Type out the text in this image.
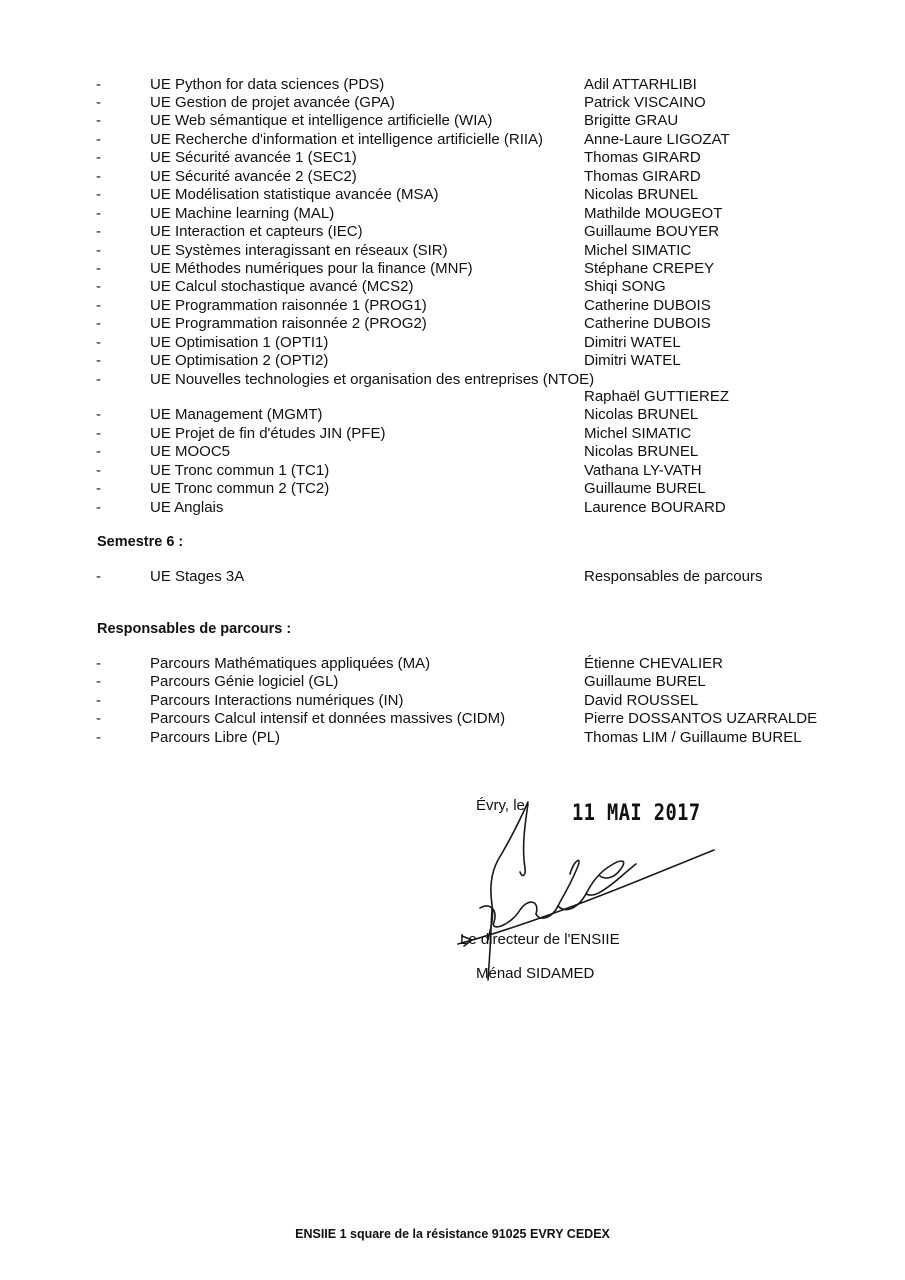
-	UE Python for data sciences (PDS)	Adil ATTARHLIBI
-	UE Gestion de projet avancée (GPA)	Patrick VISCAINO
-	UE Web sémantique et intelligence artificielle (WIA)	Brigitte GRAU
-	UE Recherche d'information et intelligence artificielle (RIIA)	Anne-Laure LIGOZAT
-	UE Sécurité avancée 1 (SEC1)	Thomas GIRARD
-	UE Sécurité avancée 2 (SEC2)	Thomas GIRARD
-	UE Modélisation statistique avancée (MSA)	Nicolas BRUNEL
-	UE Machine learning (MAL)	Mathilde MOUGEOT
-	UE Interaction et capteurs (IEC)	Guillaume BOUYER
-	UE Systèmes interagissant en réseaux (SIR)	Michel SIMATIC
-	UE Méthodes numériques pour la finance (MNF)	Stéphane CREPEY
-	UE Calcul stochastique avancé (MCS2)	Shiqi SONG
-	UE Programmation raisonnée 1 (PROG1)	Catherine DUBOIS
-	UE Programmation raisonnée 2 (PROG2)	Catherine DUBOIS
-	UE Optimisation 1 (OPTI1)	Dimitri WATEL
-	UE Optimisation 2 (OPTI2)	Dimitri WATEL
-	UE Nouvelles technologies et organisation des entreprises (NTOE)
Raphaël GUTTIEREZ
-	UE Management (MGMT)	Nicolas BRUNEL
-	UE Projet de fin d'études JIN (PFE)	Michel SIMATIC
-	UE MOOC5	Nicolas BRUNEL
-	UE Tronc commun 1 (TC1)	Vathana LY-VATH
-	UE Tronc commun 2 (TC2)	Guillaume BUREL
-	UE Anglais	Laurence BOURARD
Semestre 6 :
-	UE Stages 3A	Responsables de parcours
Responsables de parcours :
-	Parcours Mathématiques appliquées (MA)	Étienne CHEVALIER
-	Parcours Génie logiciel (GL)	Guillaume BUREL
-	Parcours Interactions numériques (IN)	David ROUSSEL
-	Parcours Calcul intensif et données massives (CIDM)	Pierre DOSSANTOS UZARRALDE
-	Parcours Libre (PL)	Thomas LIM / Guillaume BUREL
Évry, le 11 MAI 2017
Le directeur de l'ENSIIE
Ménad SIDAMED
ENSIIE 1 square de la résistance 91025 EVRY CEDEX
